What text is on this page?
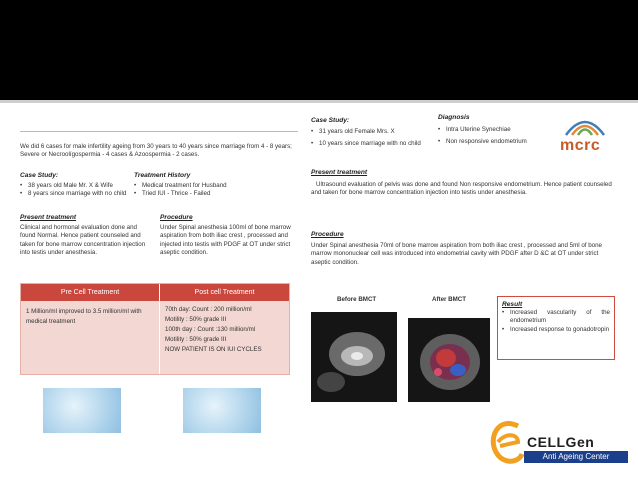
We did 6 cases for male infertility ageing from 30 years to 40 years since marriage from 4 - 8 years; Severe or Necroolígospermia - 4 cases & Azoospermia - 2 cases.
Case Study:
• 38 years old Male Mr. X & Wife
• 8 years since marriage with no child
Treatment History
• Medical treatment for Husband
• Tried IUI - Thrice - Failed
Present treatment
Clinical and hormonal evaluation done and found Normal. Hence patient counseled and taken for bone marrow concentration injection into testis under anesthesia.
Procedure
Under Spinal anesthesia 100ml of bone marrow aspiration from both iliac crest , processed and injected into testis with PDGF at OT under strict aseptic condition.
Pre Cell Treatment	Post cell Treatment
1 Million/ml improved to 3.5 million/ml with medical treatment
70th day: Count : 200 million/ml
Motility : 50% grade III
100th day : Count :130 million/ml
Motility : 50% grade III
NOW PATIENT IS ON IUI CYCLES
Case Study:
• 31 years old Female Mrs. X
• 10 years since marriage with no child
Diagnosis
• Intra Uterine Synechiae
• Non responsive endometrium	mcrc
Present treatment
Ultrasound evaluation of pelvis was done and found Non responsive endometrium. Hence patient counseled and taken for bone marrow concentration injection into testis under anesthesia.
Procedure
Under Spinal anesthesia 70ml of bone marrow aspiration from both iliac crest , processed and 5ml of bone marrow mononuclear cell was introduced into endometrial cavity with PDGF after D &C at OT under strict aseptic condition.
Before BMCT	After BMCT
Result
• Increased vascularity of the endometrium
• Increased response to gonadotropin
CELLGen
Anti Ageing Center
